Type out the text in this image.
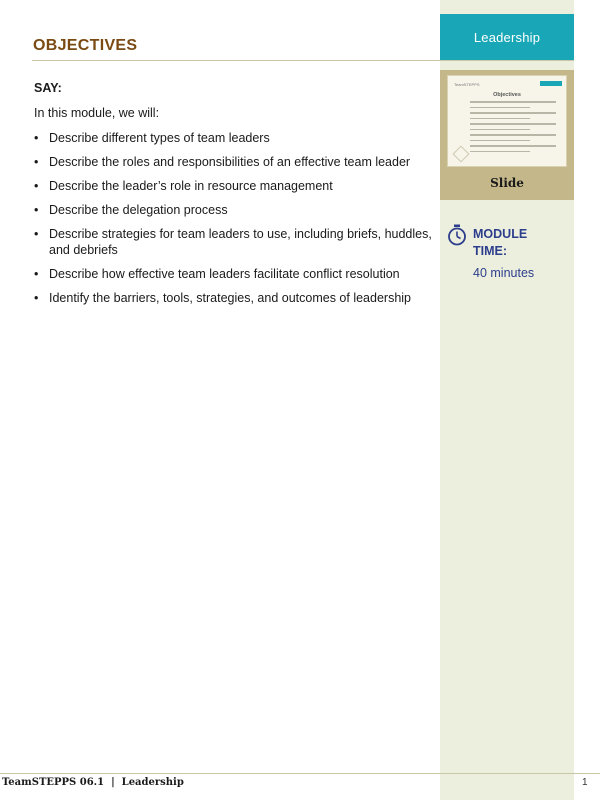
Leadership
OBJECTIVES
SAY:
In this module, we will:
• Describe different types of team leaders
• Describe the roles and responsibilities of an effective team leader
• Describe the leader’s role in resource management
• Describe the delegation process
• Describe strategies for team leaders to use, including briefs, huddles, and debriefs
• Describe how effective team leaders facilitate conflict resolution
• Identify the barriers, tools, strategies, and outcomes of leadership
TeamSTEPPS
Objectives
Slide
MODULE TIME:
40 minutes
TeamSTEPPS 06.1  |  Leadership	1
